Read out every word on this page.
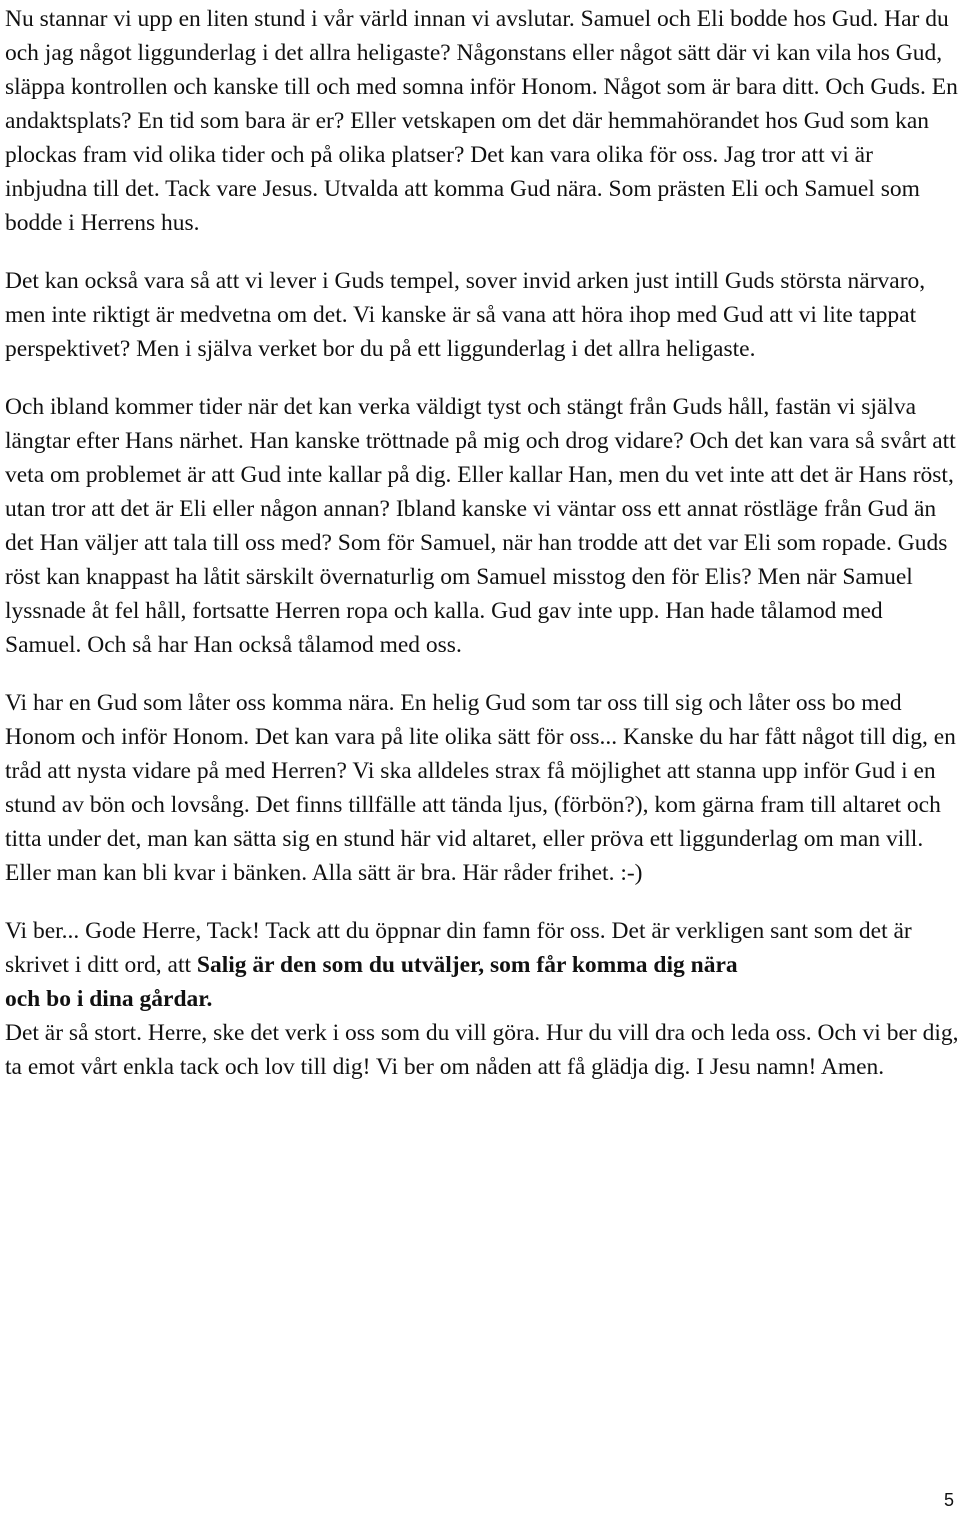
Nu stannar vi upp en liten stund i vår värld innan vi avslutar. Samuel och Eli bodde hos Gud. Har du och jag något liggunderlag i det allra heligaste? Någonstans eller något sätt där vi kan vila hos Gud, släppa kontrollen och kanske till och med somna inför Honom. Något som är bara ditt. Och Guds. En andaktsplats? En tid som bara är er? Eller vetskapen om det där hemmahörandet hos Gud som kan plockas fram vid olika tider och på olika platser? Det kan vara olika för oss. Jag tror att vi är inbjudna till det. Tack vare Jesus. Utvalda att komma Gud nära. Som prästen Eli och Samuel som bodde i Herrens hus.

Det kan också vara så att vi lever i Guds tempel, sover invid arken just intill Guds största närvaro, men inte riktigt är medvetna om det. Vi kanske är så vana att höra ihop med Gud att vi lite tappat perspektivet? Men i själva verket bor du på ett liggunderlag i det allra heligaste.

Och ibland kommer tider när det kan verka väldigt tyst och stängt från Guds håll, fastän vi själva längtar efter Hans närhet. Han kanske tröttnade på mig och drog vidare? Och det kan vara så svårt att veta om problemet är att Gud inte kallar på dig. Eller kallar Han, men du vet inte att det är Hans röst, utan tror att det är Eli eller någon annan? Ibland kanske vi väntar oss ett annat röstläge från Gud än det Han väljer att tala till oss med? Som för Samuel, när han trodde att det var Eli som ropade. Guds röst kan knappast ha låtit särskilt övernaturlig om Samuel misstog den för Elis? Men när Samuel lyssnade åt fel håll, fortsatte Herren ropa och kalla. Gud gav inte upp. Han hade tålamod med Samuel. Och så har Han också tålamod med oss.

Vi har en Gud som låter oss komma nära. En helig Gud som tar oss till sig och låter oss bo med Honom och inför Honom. Det kan vara på lite olika sätt för oss... Kanske du har fått något till dig, en tråd att nysta vidare på med Herren? Vi ska alldeles strax få möjlighet att stanna upp inför Gud i en stund av bön och lovsång. Det finns tillfälle att tända ljus, (förbön?), kom gärna fram till altaret och titta under det, man kan sätta sig en stund här vid altaret, eller pröva ett liggunderlag om man vill. Eller man kan bli kvar i bänken. Alla sätt är bra. Här råder frihet. :-)

Vi ber... Gode Herre, Tack! Tack att du öppnar din famn för oss. Det är verkligen sant som det är skrivet i ditt ord, att Salig är den som du utväljer, som får komma dig nära

och bo i dina gårdar.

Det är så stort. Herre, ske det verk i oss som du vill göra. Hur du vill dra och leda oss. Och vi ber dig, ta emot vårt enkla tack och lov till dig! Vi ber om nåden att få glädja dig. I Jesu namn! Amen.

5
